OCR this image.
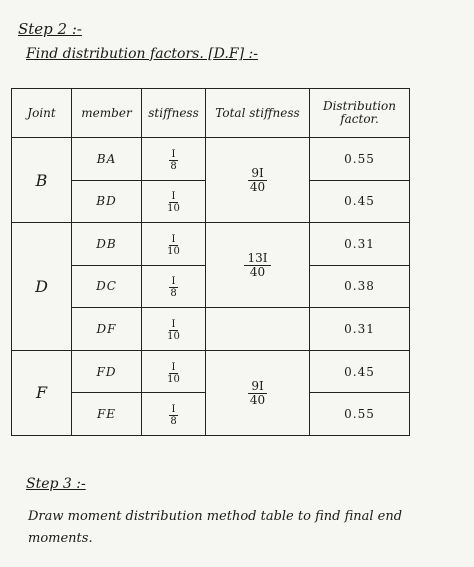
Step 2 :-
Find distribution factors. [D.F] :-
Joint	member	stiffness	Total stiffness	Distribution factor.
B	BA	$\frac{I}{8}$	$\frac{9I}{40}$	0.55
	BD	$\frac{I}{10}$		0.45
D	DB	$\frac{I}{10}$	$\frac{13I}{40}$	0.31
	DC	$\frac{I}{8}$		0.38
	DF	$\frac{I}{10}$		0.31
F	FD	$\frac{I}{10}$	$\frac{9I}{40}$	0.45
	FE	$\frac{I}{8}$		0.55
Step 3 :-
Draw moment distribution method table to find final end moments.
